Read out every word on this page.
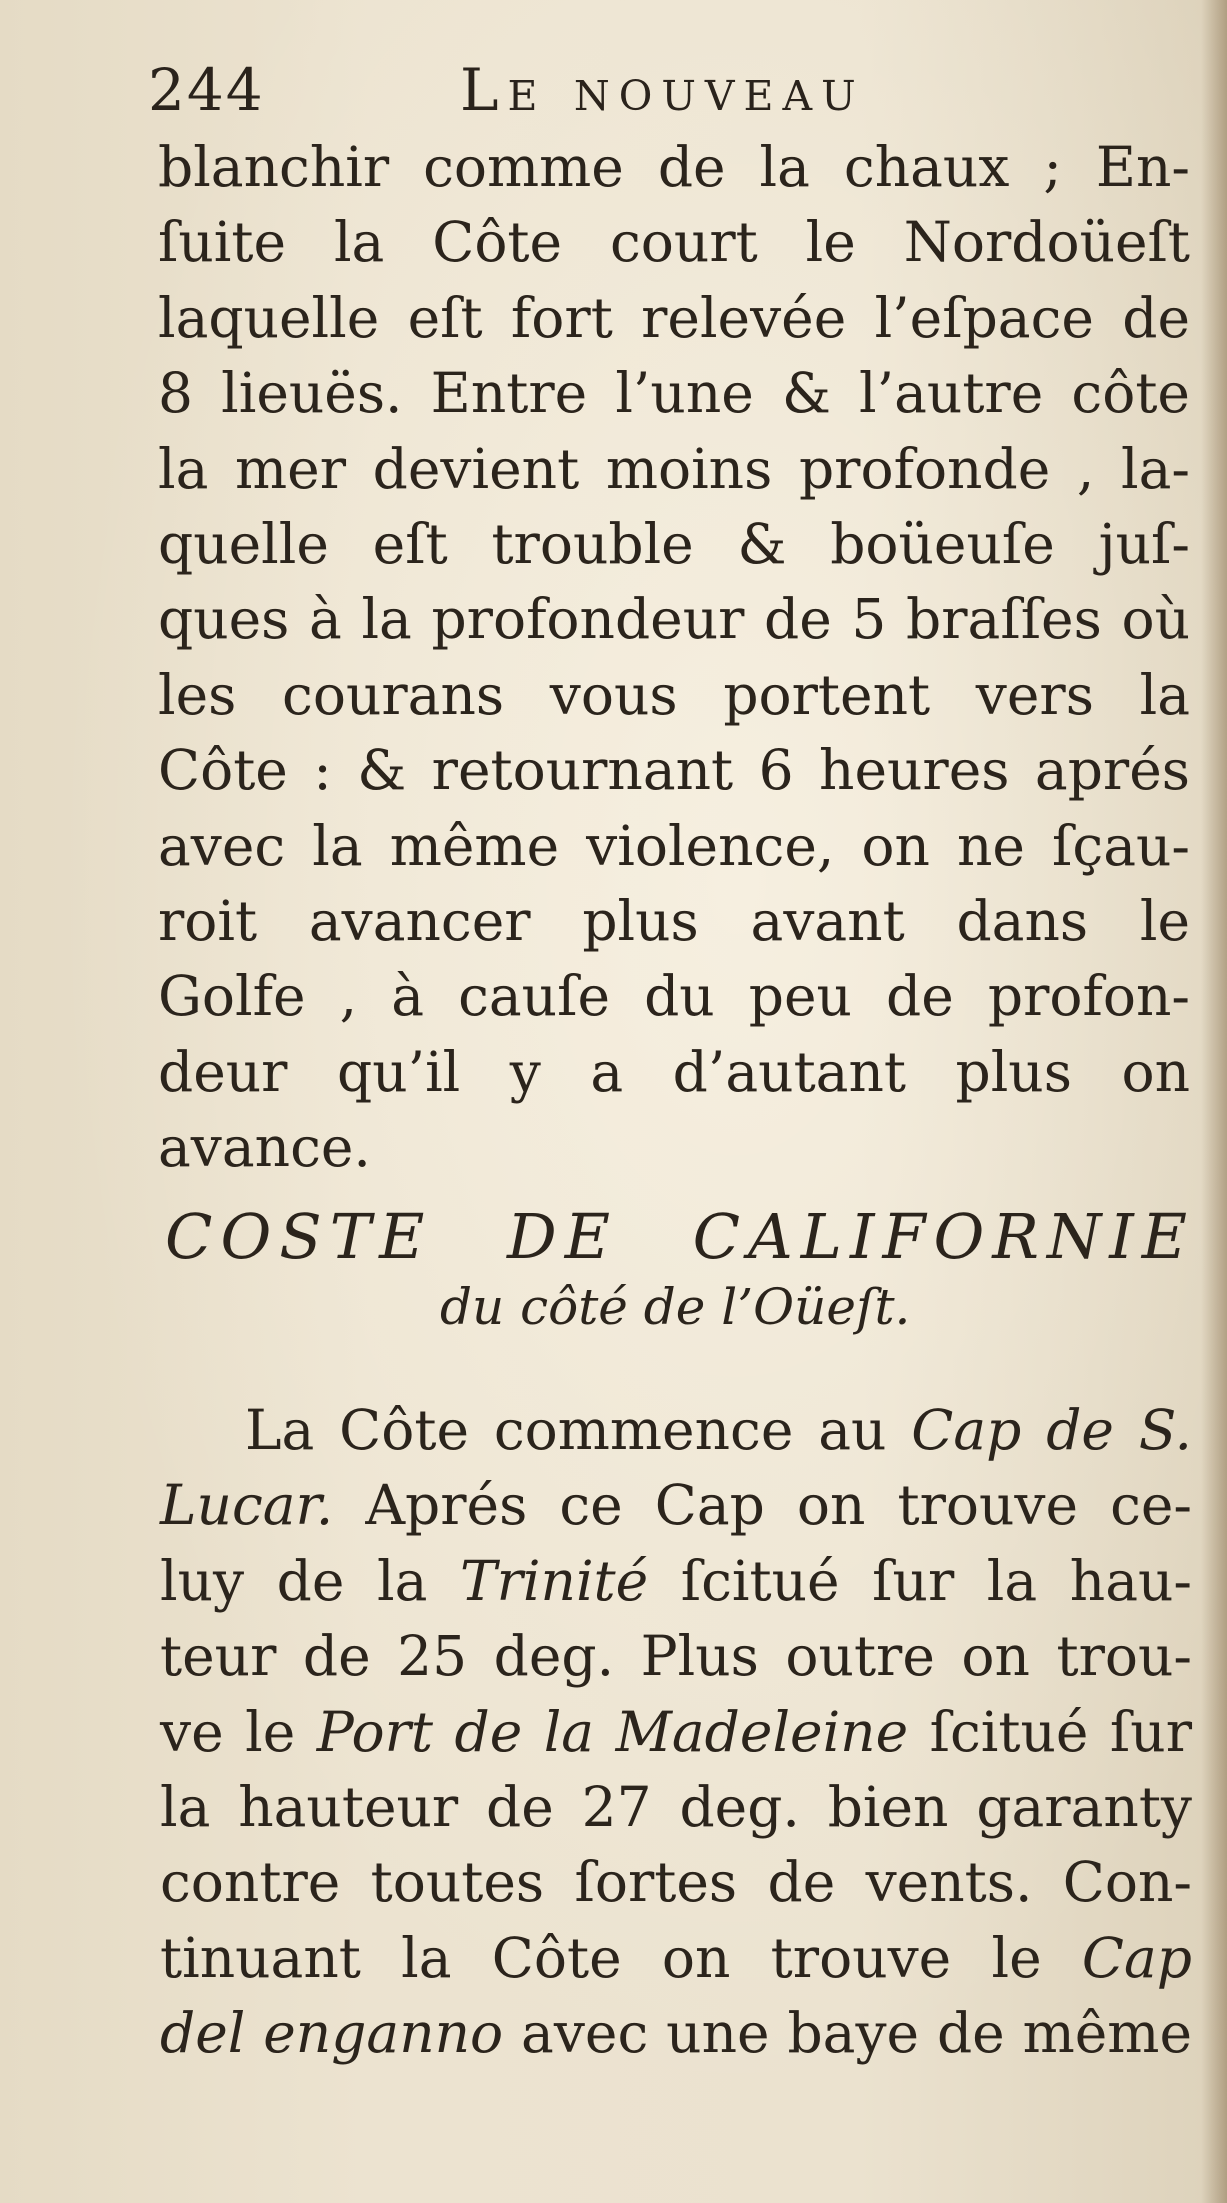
244	Le nouveau
blanchir comme de la chaux ; En-
ſuite la Côte court le Nordoüeſt
laquelle eſt fort relevée l’eſpace de
8 lieuës. Entre l’une & l’autre côte
la mer devient moins profonde , la-
quelle eſt trouble & boüeuſe juſ-
ques à la profondeur de 5 braſſes où
les courans vous portent vers la
Côte : & retournant 6 heures aprés
avec la même violence, on ne ſçau-
roit avancer plus avant dans le
Golfe , à cauſe du peu de profon-
deur qu’il y a d’autant plus on
avance.
COSTE DE CALIFORNIE
du côté de l’Oüeſt.
La Côte commence au Cap de S.
Lucar. Aprés ce Cap on trouve ce-
luy de la Trinité ſcitué ſur la hau-
teur de 25 deg. Plus outre on trou-
ve le Port de la Madeleine ſcitué ſur
la hauteur de 27 deg. bien garanty
contre toutes ſortes de vents. Con-
tinuant la Côte on trouve le Cap
del enganno avec une baye de même
